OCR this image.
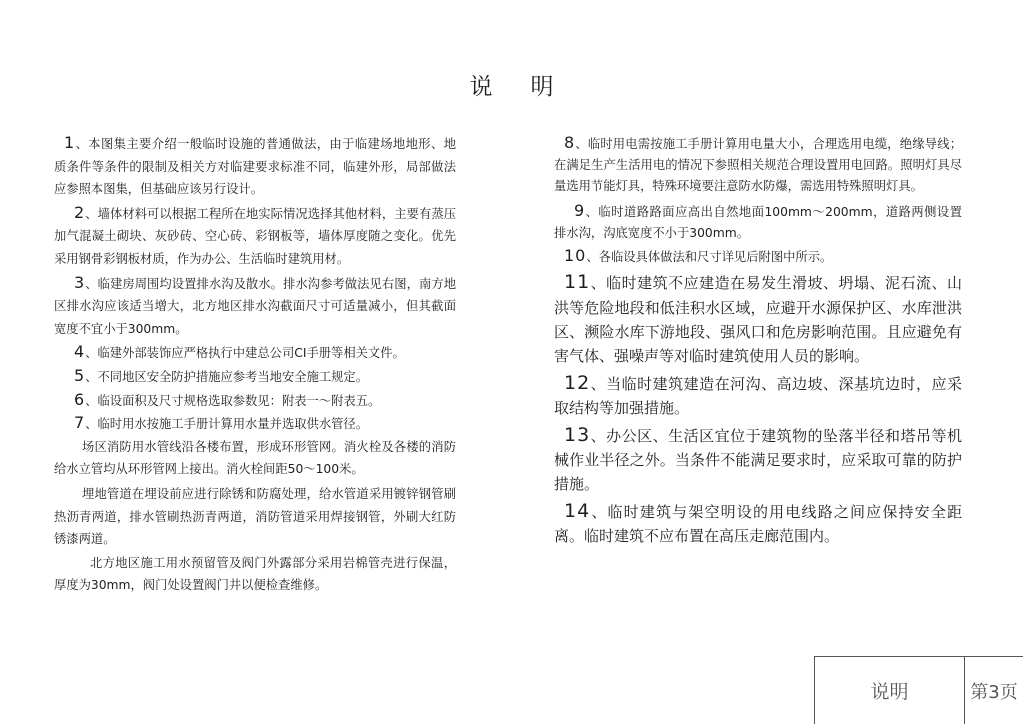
说明

1、本图集主要介绍一般临时设施的普通做法，由于临建场地地形、地质条件等条件的限制及相关方对临建要求标准不同，临建外形，局部做法应参照本图集，但基础应该另行设计。

2、墙体材料可以根据工程所在地实际情况选择其他材料，主要有蒸压加气混凝土砌块、灰砂砖、空心砖、彩钢板等，墙体厚度随之变化。优先采用钢骨彩钢板材质，作为办公、生活临时建筑用材。

3、临建房周围均设置排水沟及散水。排水沟参考做法见右图，南方地区排水沟应该适当增大，北方地区排水沟截面尺寸可适量减小，但其截面宽度不宜小于300mm。

4、临建外部装饰应严格执行中建总公司CI手册等相关文件。

5、不同地区安全防护措施应参考当地安全施工规定。

6、临设面积及尺寸规格选取参数见：附表一～附表五。

7、临时用水按施工手册计算用水量并选取供水管径。

场区消防用水管线沿各楼布置，形成环形管网。消火栓及各楼的消防给水立管均从环形管网上接出。消火栓间距50～100米。

埋地管道在埋设前应进行除锈和防腐处理，给水管道采用镀锌钢管刷热沥青两道，排水管刷热沥青两道，消防管道采用焊接钢管，外刷大红防锈漆两道。

北方地区施工用水预留管及阀门外露部分采用岩棉管壳进行保温，厚度为30mm，阀门处设置阀门井以便检查维修。

8、临时用电需按施工手册计算用电量大小，合理选用电缆，绝缘导线；在满足生产生活用电的情况下参照相关规范合理设置用电回路。照明灯具尽量选用节能灯具，特殊环境要注意防水防爆，需选用特殊照明灯具。

9、临时道路路面应高出自然地面100mm～200mm，道路两侧设置排水沟，沟底宽度不小于300mm。

10、各临设具体做法和尺寸详见后附图中所示。

11、临时建筑不应建造在易发生滑坡、坍塌、泥石流、山洪等危险地段和低洼积水区域，应避开水源保护区、水库泄洪区、濒险水库下游地段、强风口和危房影响范围。且应避免有害气体、强噪声等对临时建筑使用人员的影响。

12、当临时建筑建造在河沟、高边坡、深基坑边时，应采取结构等加强措施。

13、办公区、生活区宜位于建筑物的坠落半径和塔吊等机械作业半径之外。当条件不能满足要求时，应采取可靠的防护措施。

14、临时建筑与架空明设的用电线路之间应保持安全距离。临时建筑不应布置在高压走廊范围内。

说明	第3页
